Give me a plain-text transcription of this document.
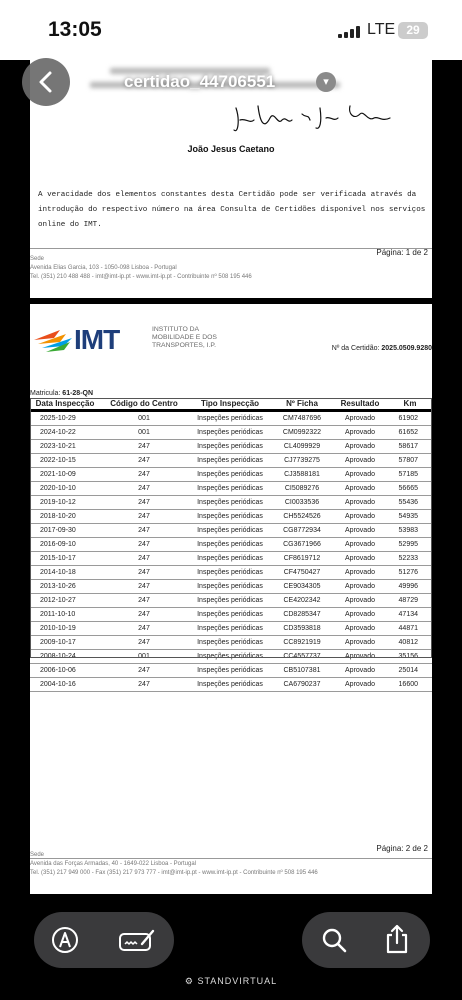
13:05	LTE 29
João Jesus Caetano
A veracidade dos elementos constantes desta Certidão pode ser verificada através da introdução do respectivo número na área Consulta de Certidões disponível nos serviços online do IMT.
Página: 1 de 2
Sede
Avenida Elias Garcia, 103 - 1050-098 Lisboa - Portugal
Tel. (351) 210 488 488 - imt@imt-ip.pt - www.imt-ip.pt - Contribuinte nº 508 195 446
certidao_44706551	▾
IMT	INSTITUTO DA MOBILIDADE E DOS TRANSPORTES, I.P.	Nº da Certidão: 2025.0509.9280
Matricula: 61-28-QN
Data Inspecção	Código do Centro	Tipo Inspecção	Nº Ficha	Resultado	Km
2025-10-29	001	Inspeções periódicas	CM7487696	Aprovado	61902
2024-10-22	001	Inspeções periódicas	CM0992322	Aprovado	61652
2023-10-21	247	Inspeções periódicas	CL4099929	Aprovado	58617
2022-10-15	247	Inspeções periódicas	CJ7739275	Aprovado	57807
2021-10-09	247	Inspeções periódicas	CJ3588181	Aprovado	57185
2020-10-10	247	Inspeções periódicas	CI5089276	Aprovado	56665
2019-10-12	247	Inspeções periódicas	CI0033536	Aprovado	55436
2018-10-20	247	Inspeções periódicas	CH5524526	Aprovado	54935
2017-09-30	247	Inspeções periódicas	CG8772934	Aprovado	53983
2016-09-10	247	Inspeções periódicas	CG3671966	Aprovado	52995
2015-10-17	247	Inspeções periódicas	CF8619712	Aprovado	52233
2014-10-18	247	Inspeções periódicas	CF4750427	Aprovado	51276
2013-10-26	247	Inspeções periódicas	CE9034305	Aprovado	49996
2012-10-27	247	Inspeções periódicas	CE4202342	Aprovado	48729
2011-10-10	247	Inspeções periódicas	CD8285347	Aprovado	47134
2010-10-19	247	Inspeções periódicas	CD3593818	Aprovado	44871
2009-10-17	247	Inspeções periódicas	CC8921919	Aprovado	40812
2008-10-24	001	Inspeções periódicas	CC4557737	Aprovado	35156
2006-10-06	247	Inspeções periódicas	CB5107381	Aprovado	25014
2004-10-16	247	Inspeções periódicas	CA6790237	Aprovado	16600
Página: 2 de 2
Sede
Avenida das Forças Armadas, 40 - 1649-022 Lisboa - Portugal
Tel. (351) 217 949 000 - Fax (351) 217 973 777 - imt@imt-ip.pt - www.imt-ip.pt - Contribuinte nº 508 195 446
⚙ STANDVIRTUAL
